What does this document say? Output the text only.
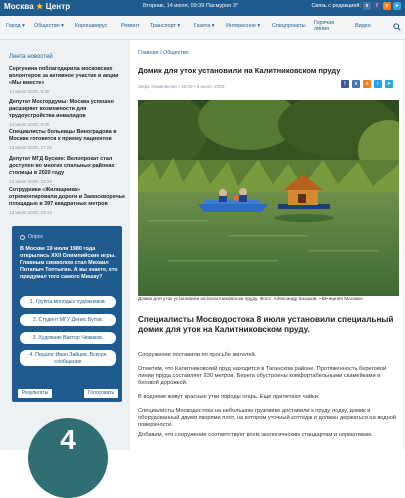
Москва ★ Центр	Вторник, 14 июля, 09:39 Пасмурно 3°	Связь с редакцией: в	f	о	➤
Город ▾ Общество ▾ Коронавирус	Ремонт Транспорт ▾	Газета ▾ Интересное ▾ Спецпроекты Горячая линия	Видео
Лента новостей
Сергунина поблагодарила московских волонтеров за активное участие в акции «Мы вместе»
14 июля 2020, 9:30
Депутат Мосгордумы: Москва успешно расширяет возможности для трудоустройства инвалидов
14 июля 2020, 9:00
Специалисты больницы Виноградова в Москве готовятся к приему пациентов
13 июля 2020, 17:21
Депутат МГД Бускин: Велопрокат стал доступен во многих спальных районах столицы в 2020 году
13 июля 2020, 16:30
Сотрудники «Жилищника» отремонтировали дороги в Замоскворечье площадью в 397 квадратных метров
13 июля 2020, 15:10
Опрос
В Москве 19 июля 1980 года открылись XXII Олимпийские игры. Главным символом стал Михаил Потапыч Топтыгин. А вы знаете, кто придумал того самого Мишку?
1. Группа молодых художников.
2. Студент МГУ Денис Бутов.
3. Художник Виктор Чижиков.
4. Педагог Иван Зайцев. Вскоре сообщение
Результаты	Голосовать
4
Главная / Общество
Домик для уток установили на Калитниковском пруду
Зифа Хамиевкова • 19:00 • 8 июля, 2020	f	в	о	t	➤
Домик для уток установили на Калитниковском пруду. Фото: Александр Казаков, «Вечерняя Москва»
Специалисты Мосводостока 8 июля установили специальный домик для уток на Калитниковском пруду.
Сооружение поставили по просьбе жителей.
Отметим, что Калитниковский пруд находится в Таганском районе. Протяженность береговой линии пруда составляет 930 метров. Берега обустроены комфортабельными скамейками и беговой дорожкой.
В водоеме живут красные утки породы огарь. Еще прилетают чайки.
Специалисты Мосводостока на небольшом грузовике доставили к пруду лодку, домик и оборудованный двумя якорями плот, на котором уточный коттедж и должен держаться на водной поверхности.
Добавим, что сооружение соответствует всем экологическим стандартам и нормативам.
